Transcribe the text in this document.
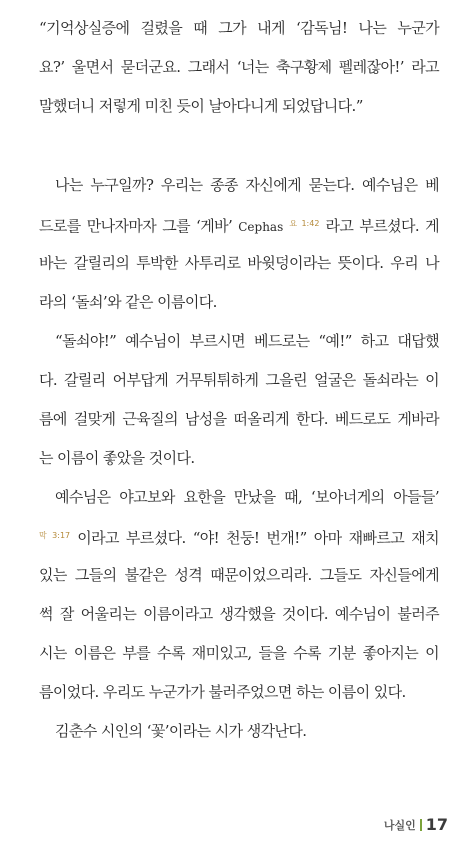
“기억상실증에 걸렸을 때 그가 내게 ‘감독님! 나는 누군가
요?’ 울면서 묻더군요. 그래서 ‘너는 축구황제 펠레잖아!’ 라고
말했더니 저렇게 미친 듯이 날아다니게 되었답니다.”
나는 누구일까? 우리는 종종 자신에게 묻는다. 예수님은 베
드로를 만나자마자 그를 ‘게바’ Cephas $^{요 1:42}$ 라고 부르셨다. 게
바는 갈릴리의 투박한 사투리로 바윗덩이라는 뜻이다. 우리 나
라의 ‘돌쇠’와 같은 이름이다.
“돌쇠야!” 예수님이 부르시면 베드로는 “예!” 하고 대답했
다. 갈릴리 어부답게 거무튀튀하게 그을린 얼굴은 돌쇠라는 이
름에 걸맞게 근육질의 남성을 떠올리게 한다. 베드로도 게바라
는 이름이 좋았을 것이다.
예수님은 야고보와 요한을 만났을 때, ‘보아너게의 아들들’
$^{막 3:17}$ 이라고 부르셨다. “야! 천둥! 번개!” 아마 재빠르고 재치
있는 그들의 불같은 성격 때문이었으리라. 그들도 자신들에게
썩 잘 어울리는 이름이라고 생각했을 것이다. 예수님이 불러주
시는 이름은 부를 수록 재미있고, 들을 수록 기분 좋아지는 이
름이었다. 우리도 누군가가 불러주었으면 하는 이름이 있다.
김춘수 시인의 ‘꽃’이라는 시가 생각난다.
나실인 17
